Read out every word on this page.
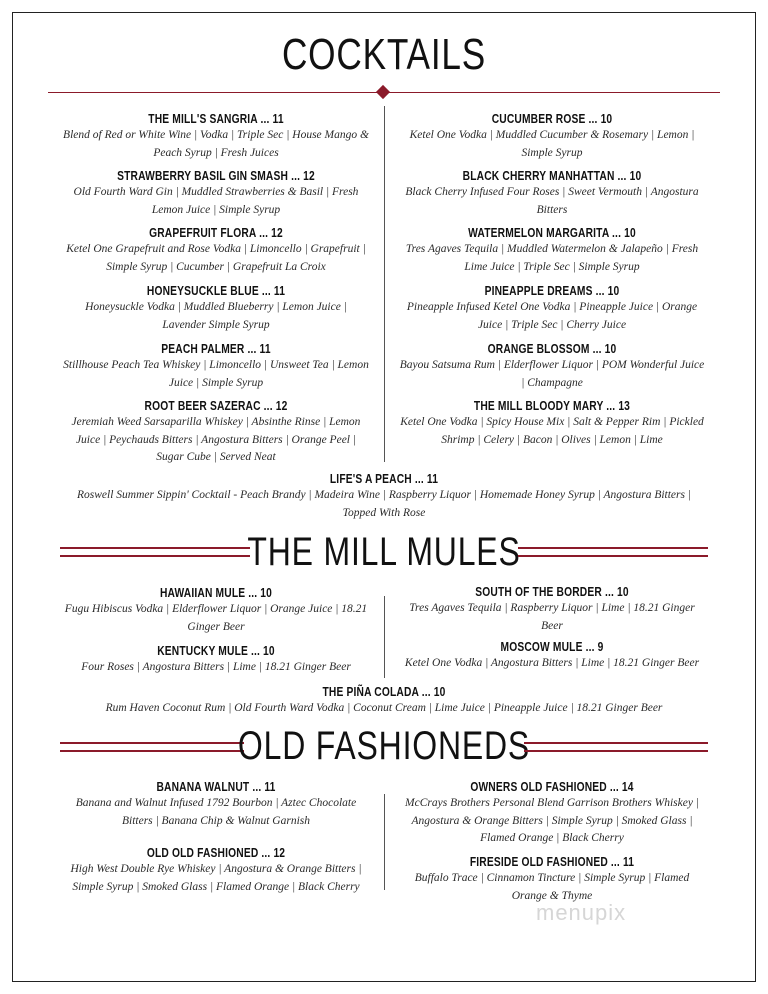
COCKTAILS
THE MILL'S SANGRIA ... 11
Blend of Red or White Wine | Vodka | Triple Sec | House Mango & Peach Syrup | Fresh Juices
STRAWBERRY BASIL GIN SMASH ... 12
Old Fourth Ward Gin | Muddled Strawberries & Basil | Fresh Lemon Juice | Simple Syrup
GRAPEFRUIT FLORA ... 12
Ketel One Grapefruit and Rose Vodka | Limoncello | Grapefruit | Simple Syrup | Cucumber | Grapefruit La Croix
HONEYSUCKLE BLUE ... 11
Honeysuckle Vodka | Muddled Blueberry | Lemon Juice | Lavender Simple Syrup
PEACH PALMER ... 11
Stillhouse Peach Tea Whiskey | Limoncello | Unsweet Tea | Lemon Juice | Simple Syrup
ROOT BEER SAZERAC ... 12
Jeremiah Weed Sarsaparilla Whiskey | Absinthe Rinse | Lemon Juice | Peychauds Bitters | Angostura Bitters | Orange Peel | Sugar Cube | Served Neat
CUCUMBER ROSE ... 10
Ketel One Vodka | Muddled Cucumber & Rosemary | Lemon | Simple Syrup
BLACK CHERRY MANHATTAN ... 10
Black Cherry Infused Four Roses | Sweet Vermouth | Angostura Bitters
WATERMELON MARGARITA ... 10
Tres Agaves Tequila | Muddled Watermelon & Jalapeño | Fresh Lime Juice | Triple Sec | Simple Syrup
PINEAPPLE DREAMS ... 10
Pineapple Infused Ketel One Vodka | Pineapple Juice | Orange Juice | Triple Sec | Cherry Juice
ORANGE BLOSSOM ... 10
Bayou Satsuma Rum | Elderflower Liquor | POM Wonderful Juice | Champagne
THE MILL BLOODY MARY ... 13
Ketel One Vodka | Spicy House Mix | Salt & Pepper Rim | Pickled Shrimp | Celery | Bacon | Olives | Lemon | Lime
LIFE'S A PEACH ... 11
Roswell Summer Sippin' Cocktail - Peach Brandy | Madeira Wine | Raspberry Liquor | Homemade Honey Syrup | Angostura Bitters | Topped With Rose
THE MILL MULES
HAWAIIAN MULE ... 10
Fugu Hibiscus Vodka | Elderflower Liquor | Orange Juice | 18.21 Ginger Beer
KENTUCKY MULE ... 10
Four Roses | Angostura Bitters | Lime | 18.21 Ginger Beer
SOUTH OF THE BORDER ... 10
Tres Agaves Tequila | Raspberry Liquor | Lime | 18.21 Ginger Beer
MOSCOW MULE ... 9
Ketel One Vodka | Angostura Bitters | Lime | 18.21 Ginger Beer
THE PIÑA COLADA ... 10
Rum Haven Coconut Rum | Old Fourth Ward Vodka | Coconut Cream | Lime Juice | Pineapple Juice | 18.21 Ginger Beer
OLD FASHIONEDS
BANANA WALNUT ... 11
Banana and Walnut Infused 1792 Bourbon | Aztec Chocolate Bitters | Banana Chip & Walnut Garnish
OLD OLD FASHIONED ... 12
High West Double Rye Whiskey | Angostura & Orange Bitters | Simple Syrup | Smoked Glass | Flamed Orange | Black Cherry
OWNERS OLD FASHIONED ... 14
McCrays Brothers Personal Blend Garrison Brothers Whiskey | Angostura & Orange Bitters | Simple Syrup | Smoked Glass | Flamed Orange | Black Cherry
FIRESIDE OLD FASHIONED ... 11
Buffalo Trace | Cinnamon Tincture | Simple Syrup | Flamed Orange & Thyme
menupix
